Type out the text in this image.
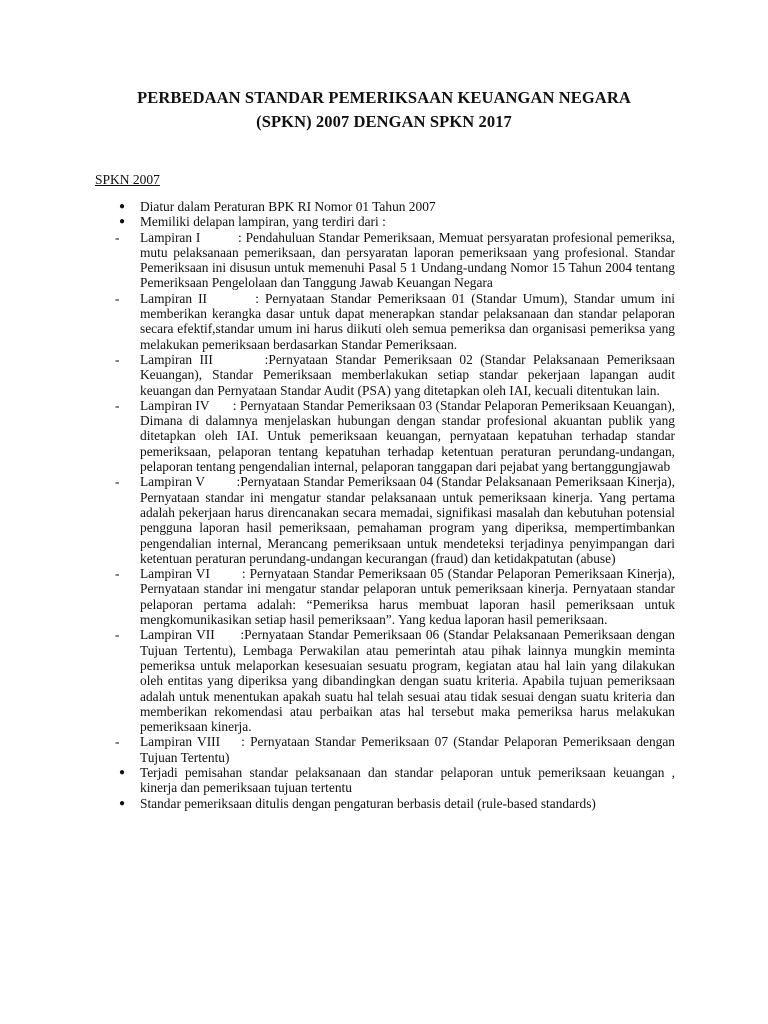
PERBEDAAN STANDAR PEMERIKSAAN KEUANGAN NEGARA
(SPKN) 2007 DENGAN SPKN 2017
SPKN 2007
●	Diatur dalam Peraturan BPK RI Nomor 01 Tahun 2007
●	Memiliki delapan lampiran, yang terdiri dari :
-	Lampiran I          : Pendahuluan Standar Pemeriksaan, Memuat persyaratan profesional pemeriksa, mutu pelaksanaan pemeriksaan, dan persyaratan laporan pemeriksaan yang profesional. Standar Pemeriksaan ini disusun untuk memenuhi Pasal 5 1 Undang-undang Nomor 15 Tahun 2004 tentang Pemeriksaan Pengelolaan dan Tanggung Jawab Keuangan Negara
-	Lampiran II        : Pernyataan Standar Pemeriksaan 01 (Standar Umum), Standar umum ini memberikan kerangka dasar untuk dapat menerapkan standar pelaksanaan dan standar pelaporan secara efektif,standar umum ini harus diikuti oleh semua pemeriksa dan organisasi pemeriksa yang melakukan pemeriksaan berdasarkan Standar Pemeriksaan.
-	Lampiran III       :Pernyataan Standar Pemeriksaan 02 (Standar Pelaksanaan Pemeriksaan Keuangan), Standar Pemeriksaan memberlakukan setiap standar pekerjaan lapangan audit keuangan dan Pernyataan Standar Audit (PSA) yang ditetapkan oleh IAI, kecuali ditentukan lain.
-	Lampiran IV       : Pernyataan Standar Pemeriksaan 03 (Standar Pelaporan Pemeriksaan Keuangan), Dimana di dalamnya menjelaskan hubungan dengan standar profesional akuantan publik yang ditetapkan oleh IAI. Untuk pemeriksaan keuangan, pernyataan kepatuhan terhadap standar pemeriksaan, pelaporan tentang kepatuhan terhadap ketentuan peraturan perundang-undangan, pelaporan tentang pengendalian internal, pelaporan tanggapan dari pejabat yang bertanggungjawab
-	Lampiran V         :Pernyataan Standar Pemeriksaan 04 (Standar Pelaksanaan Pemeriksaan Kinerja), Pernyataan standar ini mengatur standar pelaksanaan untuk pemeriksaan kinerja. Yang pertama adalah pekerjaan harus direncanakan secara memadai, signifikasi masalah dan kebutuhan potensial pengguna laporan hasil pemeriksaan, pemahaman program yang diperiksa, mempertimbankan pengendalian internal, Merancang pemeriksaan untuk mendeteksi terjadinya penyimpangan dari ketentuan peraturan perundang-undangan kecurangan (fraud) dan ketidakpatutan (abuse)
-	Lampiran VI        : Pernyataan Standar Pemeriksaan 05 (Standar Pelaporan Pemeriksaan Kinerja), Pernyataan standar ini mengatur standar pelaporan untuk pemeriksaan kinerja. Pernyataan standar pelaporan pertama adalah: “Pemeriksa harus membuat laporan hasil pemeriksaan untuk mengkomunikasikan setiap hasil pemeriksaan”. Yang kedua laporan hasil pemeriksaan.
-	Lampiran VII      :Pernyataan Standar Pemeriksaan 06 (Standar Pelaksanaan Pemeriksaan dengan Tujuan Tertentu), Lembaga Perwakilan atau pemerintah atau pihak lainnya mungkin meminta pemeriksa untuk melaporkan kesesuaian sesuatu program, kegiatan atau hal lain yang dilakukan oleh entitas yang diperiksa yang dibandingkan dengan suatu kriteria. Apabila tujuan pemeriksaan adalah untuk menentukan apakah suatu hal telah sesuai atau tidak sesuai dengan suatu kriteria dan memberikan rekomendasi atau perbaikan atas hal tersebut maka pemeriksa harus melakukan pemeriksaan kinerja.
-	Lampiran VIII    : Pernyataan Standar Pemeriksaan 07 (Standar Pelaporan Pemeriksaan dengan Tujuan Tertentu)
●	Terjadi pemisahan standar pelaksanaan dan standar pelaporan untuk pemeriksaan keuangan , kinerja dan pemeriksaan tujuan tertentu
●	Standar pemeriksaan ditulis dengan pengaturan berbasis detail (rule-based standards)
